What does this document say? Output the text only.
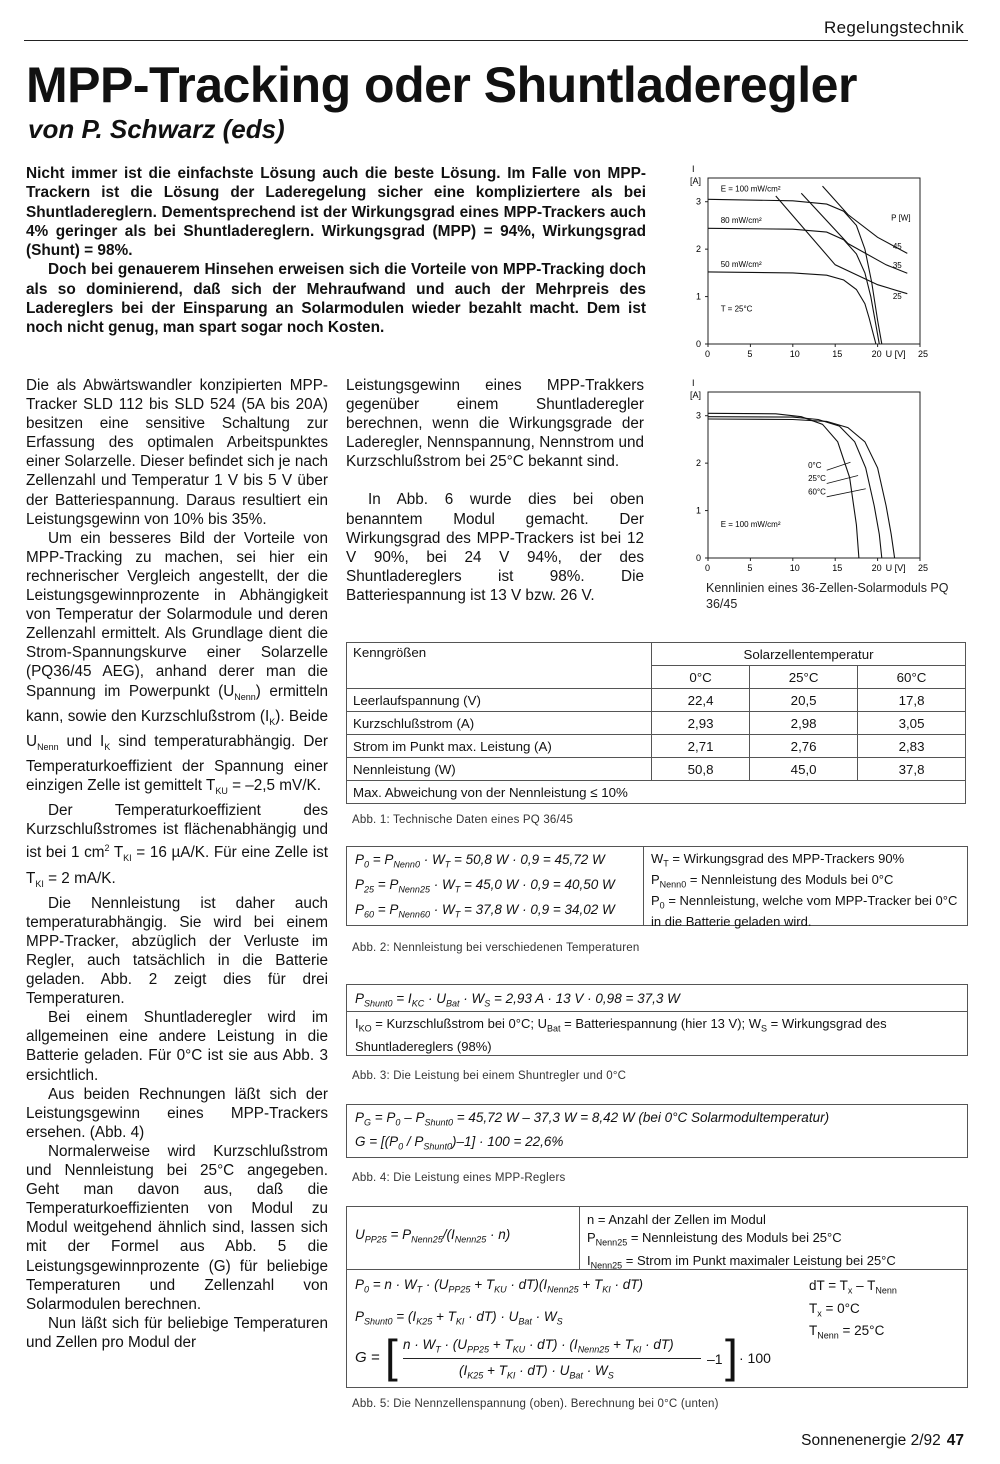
Regelungstechnik
MPP-Tracking oder Shuntladeregler
von P. Schwarz (eds)

Nicht immer ist die einfachste Lösung auch die beste Lösung. Im Falle von MPP-Trackern ist die Lösung der Laderegelung sicher eine kompliziertere als bei Shuntladereglern. Dementsprechend ist der Wirkungsgrad eines MPP-Trackers auch 4% geringer als bei Shuntladereglern. Wirkungsgrad (MPP) = 94%, Wirkungsgrad (Shunt) = 98%.

Doch bei genauerem Hinsehen erweisen sich die Vorteile von MPP-Tracking doch als so dominierend, daß sich der Mehraufwand und auch der Mehrpreis des Ladereglers bei der Einsparung an Solarmodulen wieder bezahlt macht. Dem ist noch nicht genug, man spart sogar noch Kosten.

Die als Abwärtswandler konzipierten MPP-Tracker SLD 112 bis SLD 524 (5A bis 20A) besitzen eine sensitive Schaltung zur Erfassung des optimalen Arbeitspunktes einer Solarzelle. Dieser befindet sich je nach Zellenzahl und Temperatur 1 V bis 5 V über der Batteriespannung. Daraus resultiert ein Leistungsgewinn von 10% bis 35%.

Um ein besseres Bild der Vorteile von MPP-Tracking zu machen, sei hier ein rechnerischer Vergleich angestellt, der die Leistungsgewinnprozente in Abhängigkeit von Temperatur der Solarmodule und deren Zellenzahl ermittelt. Als Grundlage dient die Strom-Spannungskurve einer Solarzelle (PQ36/45 AEG), anhand derer man die Spannung im Powerpunkt $(U_{Nenn})$ ermitteln kann, sowie den Kurzschlußstrom $(I_K)$. Beide $U_{Nenn}$ und $I_K$ sind temperaturabhängig. Der Temperaturkoeffizient der Spannung einer einzigen Zelle ist gemittelt $T_{KU} = -2,5$ mV/K.

Der Temperaturkoeffizient des Kurzschlußstromes ist flächenabhängig und ist bei 1 $cm^2$ $T_{KI} = 16$ µA/K. Für eine Zelle ist $T_{KI} = 2$ mA/K.

Die Nennleistung ist daher auch temperaturabhängig. Sie wird bei einem MPP-Tracker, abzüglich der Verluste im Regler, auch tatsächlich in die Batterie geladen. Abb. 2 zeigt dies für drei Temperaturen.

Bei einem Shuntladeregler wird im allgemeinen eine andere Leistung in die Batterie geladen. Für 0°C ist sie aus Abb. 3 ersichtlich.

Aus beiden Rechnungen läßt sich der Leistungsgewinn eines MPP-Trackers ersehen. (Abb. 4)

Normalerweise wird Kurzschlußstrom und Nennleistung bei 25°C angegeben. Geht man davon aus, daß die Temperaturkoeffizienten von Modul zu Modul weitgehend ähnlich sind, lassen sich mit der Formel aus Abb. 5 die Leistungsgewinnprozente (G) für beliebige Temperaturen und Zellenzahl von Solarmodulen berechnen.

Nun läßt sich für beliebige Temperaturen und Zellen pro Modul der

Leistungsgewinn eines MPP-Trakkers gegenüber einem Shuntladeregler berechnen, wenn die Wirkungsgrade der Laderegler, Nennspannung, Nennstrom und Kurzschlußstrom bei 25°C bekannt sind.

In Abb. 6 wurde dies bei oben benanntem Modul gemacht. Der Wirkungsgrad des MPP-Trackers ist bei 12 V 90%, bei 24 V 94%, der des Shuntladereglers ist 98%. Die Batteriespannung ist 13 V bzw. 26 V.

I
[A]
0
1
2
3
0	5	10	15	20 U [V] 25
E = 100 mW/cm²
80 mW/cm²
50 mW/cm²
T = 25°C
P [W]
45
35
25
I
[A]
0
1
2
3
0	5	10	15	20 U [V] 25
E = 100 mW/cm²
0°C
25°C
60°C
Kennlinien eines 36-Zellen-Solarmoduls PQ 36/45
Kenngrößen	Solarzellentemperatur		
	0°C	25°C	60°C
Leerlaufspannung (V)	22,4	20,5	17,8
Kurzschlußstrom (A)	2,93	2,98	3,05
Strom im Punkt max. Leistung (A)	2,71	2,76	2,83
Nennleistung (W)	50,8	45,0	37,8
Max. Abweichung von der Nennleistung ≤ 10%			
Abb. 1: Technische Daten eines PQ 36/45
$P_0 = P_{Nenn0} \cdot W_T = 50,8$ W · 0,9 = 45,72 W
$P_{25} = P_{Nenn25} \cdot W_T = 45,0$ W · 0,9 = 40,50 W
$P_{60} = P_{Nenn60} \cdot W_T = 37,8$ W · 0,9 = 34,02 W
$W_T$ = Wirkungsgrad des MPP-Trackers 90%
$P_{Nenn0}$ = Nennleistung des Moduls bei 0°C
$P_0$ = Nennleistung, welche vom MPP-Tracker bei 0°C in die Batterie geladen wird.
Abb. 2: Nennleistung bei verschiedenen Temperaturen
$P_{Shunt0} = I_{KC} \cdot U_{Bat} \cdot W_S = 2,93$ A · 13 V · 0,98 = 37,3 W
$I_{KO}$ = Kurzschlußstrom bei 0°C; $U_{Bat}$ = Batteriespannung (hier 13 V); $W_S$ = Wirkungsgrad des Shuntladereglers (98%)
Abb. 3: Die Leistung bei einem Shuntregler und 0°C
$P_G = P_0 - P_{Shunt0} = 45,72$ W – 37,3 W = 8,42 W (bei 0°C Solarmodultemperatur)
$G = [(P_0 / P_{Shunt0})-1] \cdot 100 = 22,6\%$
Abb. 4: Die Leistung eines MPP-Reglers
$U_{PP25} = P_{Nenn25}/(I_{Nenn25} \cdot n)$
n = Anzahl der Zellen im Modul
$P_{Nenn25}$ = Nennleistung des Moduls bei 25°C
$I_{Nenn25}$ = Strom im Punkt maximaler Leistung bei 25°C
$P_0 = n \cdot W_T \cdot (U_{PP25} + T_{KU} \cdot dT)(I_{Nenn25} + T_{KI} \cdot dT)$
$P_{Shunt0} = (I_{K25} + T_{KI} \cdot dT) \cdot U_{Bat} \cdot W_S$
dT = $T_x - T_{Nenn}$
$T_x = 0^\circ C$
$T_{Nenn} = 25^\circ C$
G = [ $n \cdot W_T \cdot (U_{PP25} + T_{KU} \cdot dT) \cdot (I_{Nenn25} + T_{KI} \cdot dT)$
$(I_{K25} + T_{KI} \cdot dT) \cdot U_{Bat} \cdot W_S$
–1 ] · 100
Abb. 5: Die Nennzellenspannung (oben). Berechnung bei 0°C (unten)
Sonnenenergie 2/92 47
